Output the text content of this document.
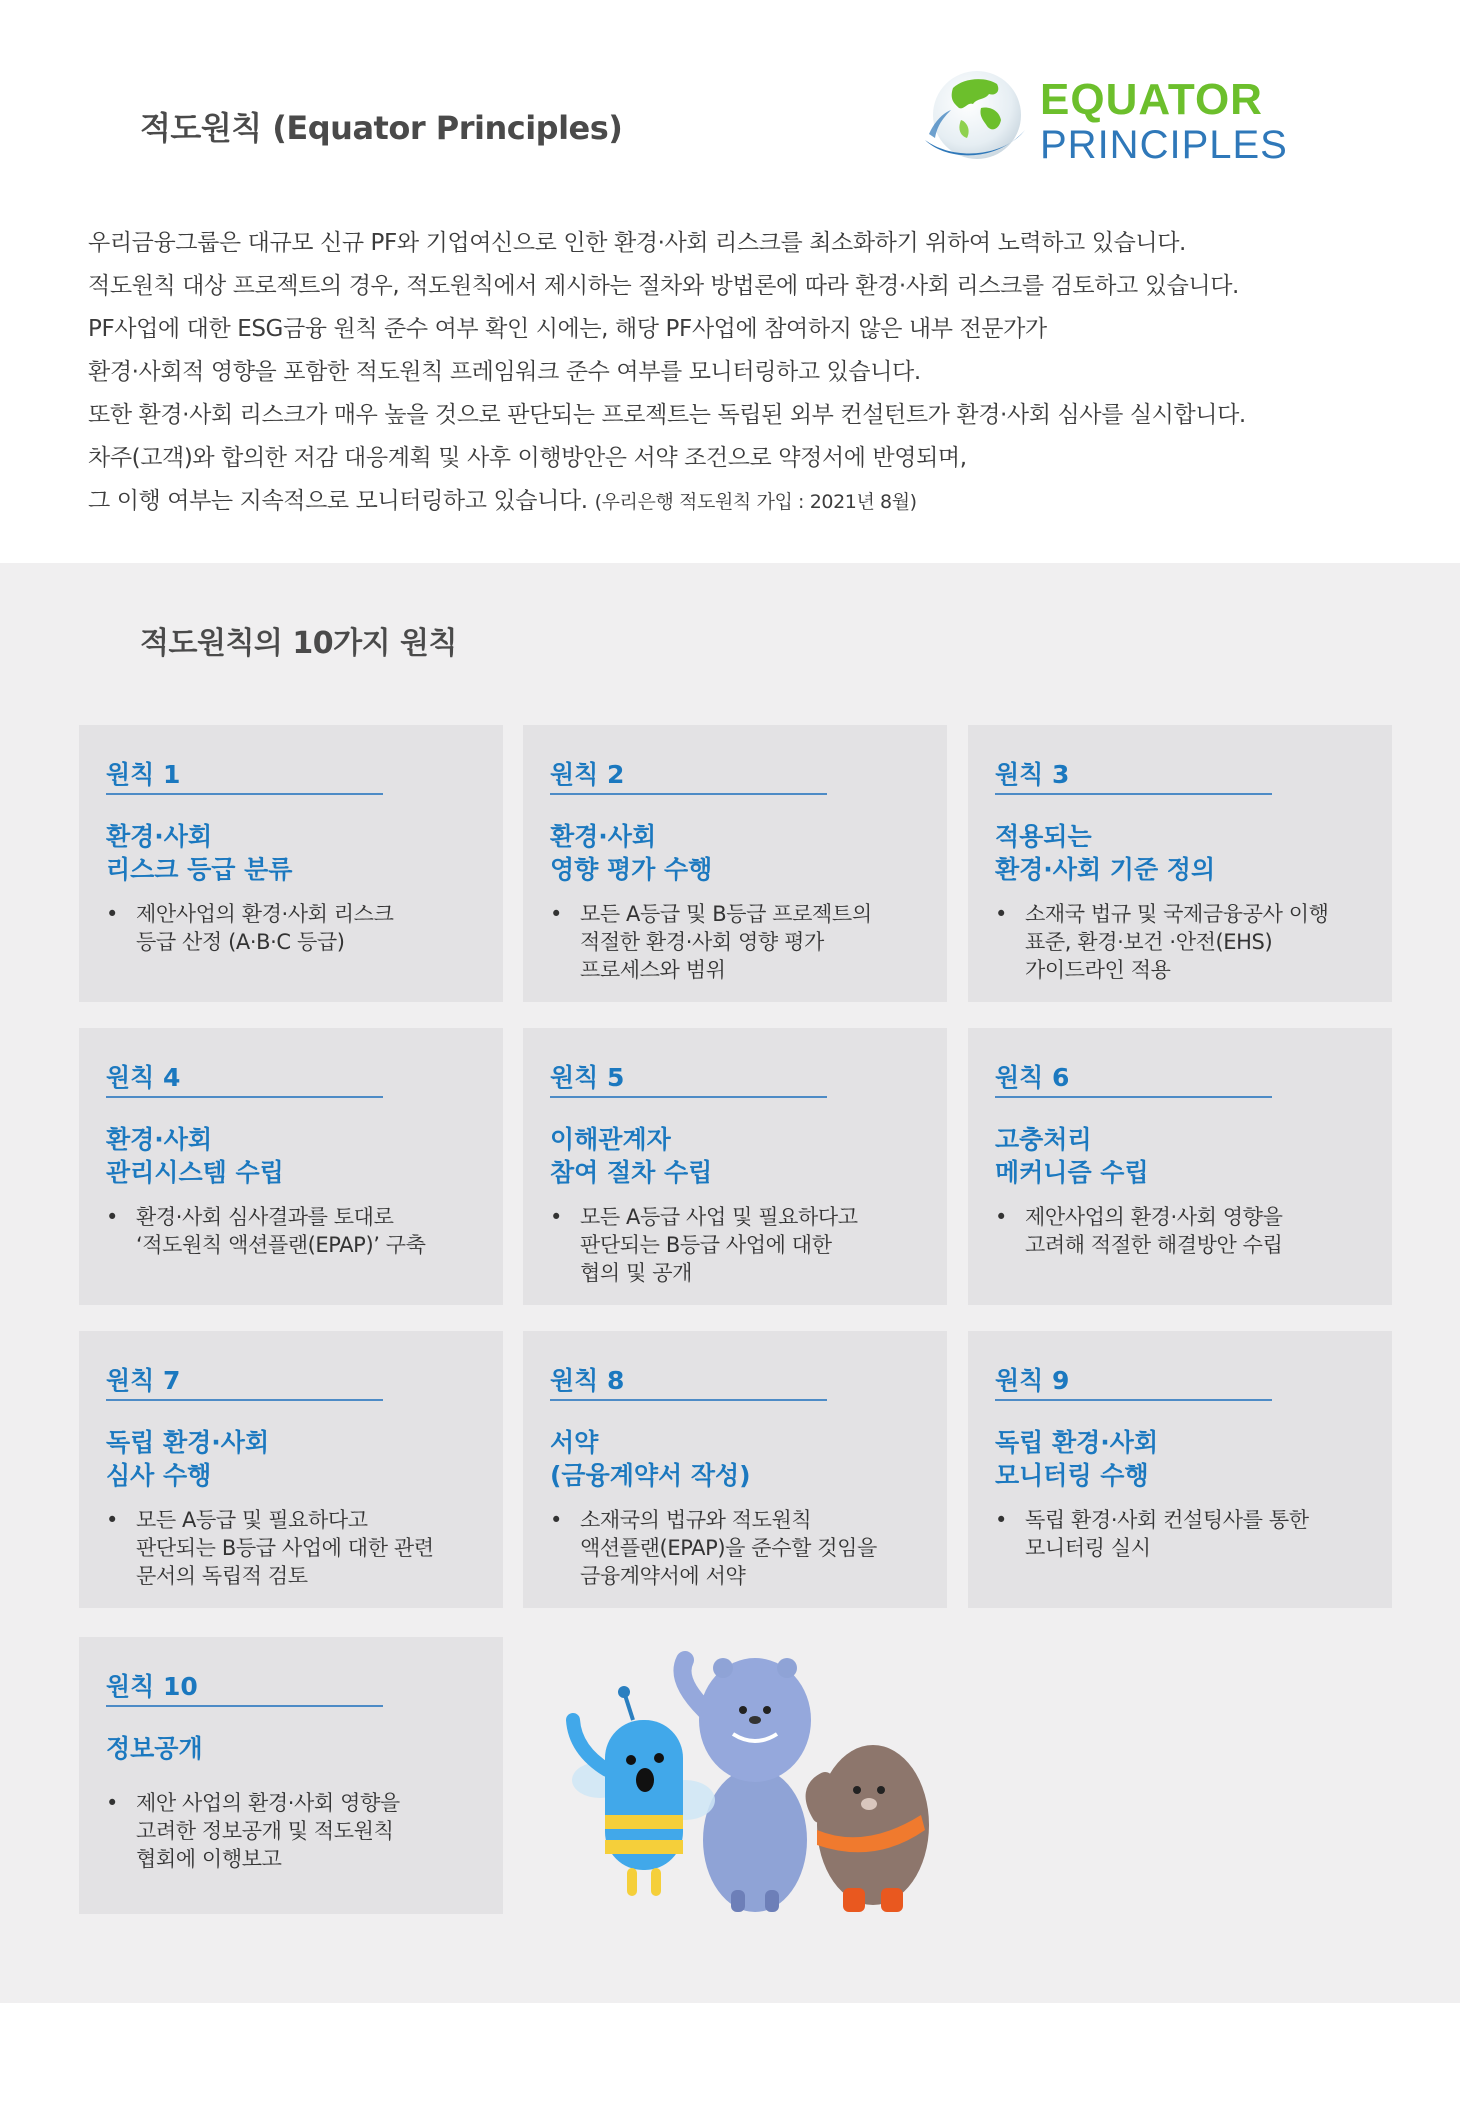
적도원칙 (Equator Principles)
EQUATOR
PRINCIPLES
우리금융그룹은 대규모 신규 PF와 기업여신으로 인한 환경·사회 리스크를 최소화하기 위하여 노력하고 있습니다.
적도원칙 대상 프로젝트의 경우, 적도원칙에서 제시하는 절차와 방법론에 따라 환경·사회 리스크를 검토하고 있습니다.
PF사업에 대한 ESG금융 원칙 준수 여부 확인 시에는, 해당 PF사업에 참여하지 않은 내부 전문가가
환경·사회적 영향을 포함한 적도원칙 프레임워크 준수 여부를 모니터링하고 있습니다.
또한 환경·사회 리스크가 매우 높을 것으로 판단되는 프로젝트는 독립된 외부 컨설턴트가 환경·사회 심사를 실시합니다.
차주(고객)와 합의한 저감 대응계획 및 사후 이행방안은 서약 조건으로 약정서에 반영되며,
그 이행 여부는 지속적으로 모니터링하고 있습니다. (우리은행 적도원칙 가입 : 2021년 8월)
적도원칙의 10가지 원칙
원칙 1
환경·사회
리스크 등급 분류
• 제안사업의 환경·사회 리스크
등급 산정 (A·B·C 등급)
원칙 2
환경·사회
영향 평가 수행
• 모든 A등급 및 B등급 프로젝트의
적절한 환경·사회 영향 평가
프로세스와 범위
원칙 3
적용되는
환경·사회 기준 정의
• 소재국 법규 및 국제금융공사 이행
표준, 환경·보건 ·안전(EHS)
가이드라인 적용
원칙 4
환경·사회
관리시스템 수립
• 환경·사회 심사결과를 토대로
‘적도원칙 액션플랜(EPAP)’ 구축
원칙 5
이해관계자
참여 절차 수립
• 모든 A등급 사업 및 필요하다고
판단되는 B등급 사업에 대한
협의 및 공개
원칙 6
고충처리
메커니즘 수립
• 제안사업의 환경·사회 영향을
고려해 적절한 해결방안 수립
원칙 7
독립 환경·사회
심사 수행
• 모든 A등급 및 필요하다고
판단되는 B등급 사업에 대한 관련
문서의 독립적 검토
원칙 8
서약
(금융계약서 작성)
• 소재국의 법규와 적도원칙
액션플랜(EPAP)을 준수할 것임을
금융계약서에 서약
원칙 9
독립 환경·사회
모니터링 수행
• 독립 환경·사회 컨설팅사를 통한
모니터링 실시
원칙 10
정보공개
• 제안 사업의 환경·사회 영향을
고려한 정보공개 및 적도원칙
협회에 이행보고
